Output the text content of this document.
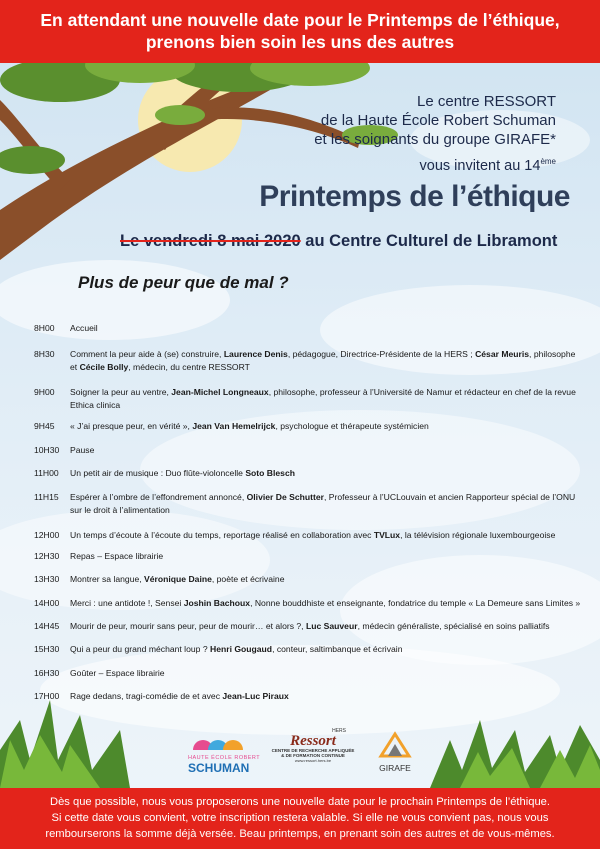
En attendant une nouvelle date pour le Printemps de l’éthique,
prenons bien soin les uns des autres
Le centre RESSORT
de la Haute École Robert Schuman
et les soignants du groupe GIRAFE*
vous invitent au 14ème
Printemps de l’éthique
Le vendredi 8 mai 2020 au Centre Culturel de Libramont
Plus de peur que de mal ?
8H00	Accueil
8H30	Comment la peur aide à (se) construire, Laurence Denis, pédagogue, Directrice-Présidente de la HERS ; César Meuris, philosophe et Cécile Bolly, médecin, du centre RESSORT
9H00	Soigner la peur au ventre, Jean-Michel Longneaux, philosophe, professeur à l’Université de Namur et rédacteur en chef de la revue Ethica clinica
9H45	« J’ai presque peur, en vérité », Jean Van Hemelrijck, psychologue et thérapeute systémicien
10H30	Pause
11H00	Un petit air de musique : Duo flûte-violoncelle Soto Blesch
11H15	Espérer à l’ombre de l’effondrement annoncé, Olivier De Schutter, Professeur à l’UCLouvain et ancien Rapporteur spécial de l’ONU sur le droit à l’alimentation
12H00	Un temps d’écoute à l’écoute du temps, reportage réalisé en collaboration avec TVLux, la télévision régionale luxembourgeoise
12H30	Repas – Espace librairie
13H30	Montrer sa langue, Véronique Daine, poète et écrivaine
14H00	Merci : une antidote !, Sensei Joshin Bachoux, Nonne bouddhiste et enseignante, fondatrice du temple « La Demeure sans Limites »
14H45	Mourir de peur, mourir sans peur, peur de mourir… et alors ?, Luc Sauveur, médecin généraliste, spécialisé en soins palliatifs
15H30	Qui a peur du grand méchant loup ? Henri Gougaud, conteur, saltimbanque et écrivain
16H30	Goûter – Espace librairie
17H00	Rage dedans, tragi-comédie de et avec Jean-Luc Piraux
HAUTE ÉCOLE ROBERT
SCHUMAN
HERS
Ressort
CENTRE DE RECHERCHE APPLIQUÉE
& DE FORMATION CONTINUE
www.ressort.hers.be
GIRAFE
Dès que possible, nous vous proposerons une nouvelle date pour le prochain Printemps de l’éthique.
Si cette date vous convient, votre inscription restera valable. Si elle ne vous convient pas, nous vous
rembourserons la somme déjà versée. Beau printemps, en prenant soin des autres et de vous-mêmes.
